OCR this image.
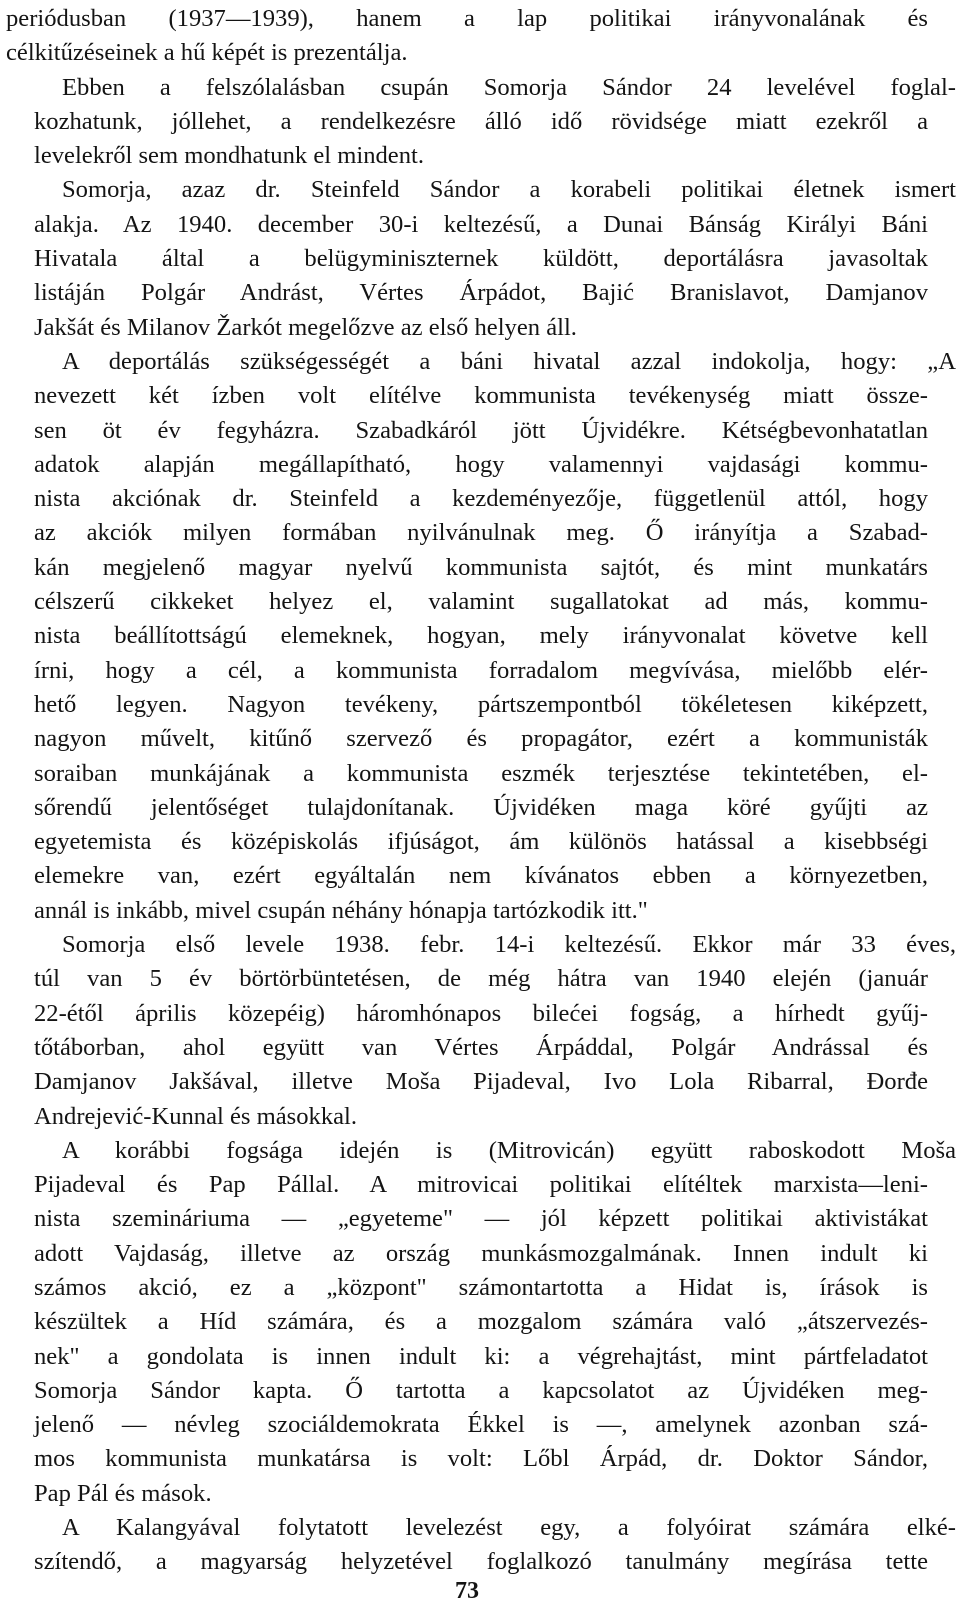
periódusban (1937—1939), hanem a lap politikai irányvonalának és
célkitűzéseinek a hű képét is prezentálja.
Ebben a felszólalásban csupán Somorja Sándor 24 levelével foglal-
kozhatunk, jóllehet, a rendelkezésre álló idő rövidsége miatt ezekről a
levelekről sem mondhatunk el mindent.
Somorja, azaz dr. Steinfeld Sándor a korabeli politikai életnek ismert
alakja. Az 1940. december 30-i keltezésű, a Dunai Bánság Királyi Báni
Hivatala által a belügyminiszternek küldött, deportálásra javasoltak
listáján Polgár Andrást, Vértes Árpádot, Bajić Branislavot, Damjanov
Jakšát és Milanov Žarkót megelőzve az első helyen áll.
A deportálás szükségességét a báni hivatal azzal indokolja, hogy: „A
nevezett két ízben volt elítélve kommunista tevékenység miatt össze-
sen öt év fegyházra. Szabadkáról jött Újvidékre. Kétségbevonhatatlan
adatok alapján megállapítható, hogy valamennyi vajdasági kommu-
nista akciónak dr. Steinfeld a kezdeményezője, függetlenül attól, hogy
az akciók milyen formában nyilvánulnak meg. Ő irányítja a Szabad-
kán megjelenő magyar nyelvű kommunista sajtót, és mint munkatárs
célszerű cikkeket helyez el, valamint sugallatokat ad más, kommu-
nista beállítottságú elemeknek, hogyan, mely irányvonalat követve kell
írni, hogy a cél, a kommunista forradalom megvívása, mielőbb elér-
hető legyen. Nagyon tevékeny, pártszempontból tökéletesen kiképzett,
nagyon művelt, kitűnő szervező és propagátor, ezért a kommunisták
soraiban munkájának a kommunista eszmék terjesztése tekintetében, el-
sőrendű jelentőséget tulajdonítanak. Újvidéken maga köré gyűjti az
egyetemista és középiskolás ifjúságot, ám különös hatással a kisebbségi
elemekre van, ezért egyáltalán nem kívánatos ebben a környezetben,
annál is inkább, mivel csupán néhány hónapja tartózkodik itt."
Somorja első levele 1938. febr. 14-i keltezésű. Ekkor már 33 éves,
túl van 5 év börtörbüntetésen, de még hátra van 1940 elején (január
22-étől április közepéig) háromhónapos bilećei fogság, a hírhedt gyűj-
tőtáborban, ahol együtt van Vértes Árpáddal, Polgár Andrással és
Damjanov Jakšával, illetve Moša Pijadeval, Ivo Lola Ribarral, Đorđe
Andrejević-Kunnal és másokkal.
A korábbi fogsága idején is (Mitrovicán) együtt raboskodott Moša
Pijadeval és Pap Pállal. A mitrovicai politikai elítéltek marxista—leni-
nista szemináriuma — „egyeteme" — jól képzett politikai aktivistákat
adott Vajdaság, illetve az ország munkásmozgalmának. Innen indult ki
számos akció, ez a „központ" számontartotta a Hidat is, írások is
készültek a Híd számára, és a mozgalom számára való „átszervezés-
nek" a gondolata is innen indult ki: a végrehajtást, mint pártfeladatot
Somorja Sándor kapta. Ő tartotta a kapcsolatot az Újvidéken meg-
jelenő — névleg szociáldemokrata Ékkel is —, amelynek azonban szá-
mos kommunista munkatársa is volt: Lőbl Árpád, dr. Doktor Sándor,
Pap Pál és mások.
A Kalangyával folytatott levelezést egy, a folyóirat számára elké-
szítendő, a magyarság helyzetével foglalkozó tanulmány megírása tette
73
